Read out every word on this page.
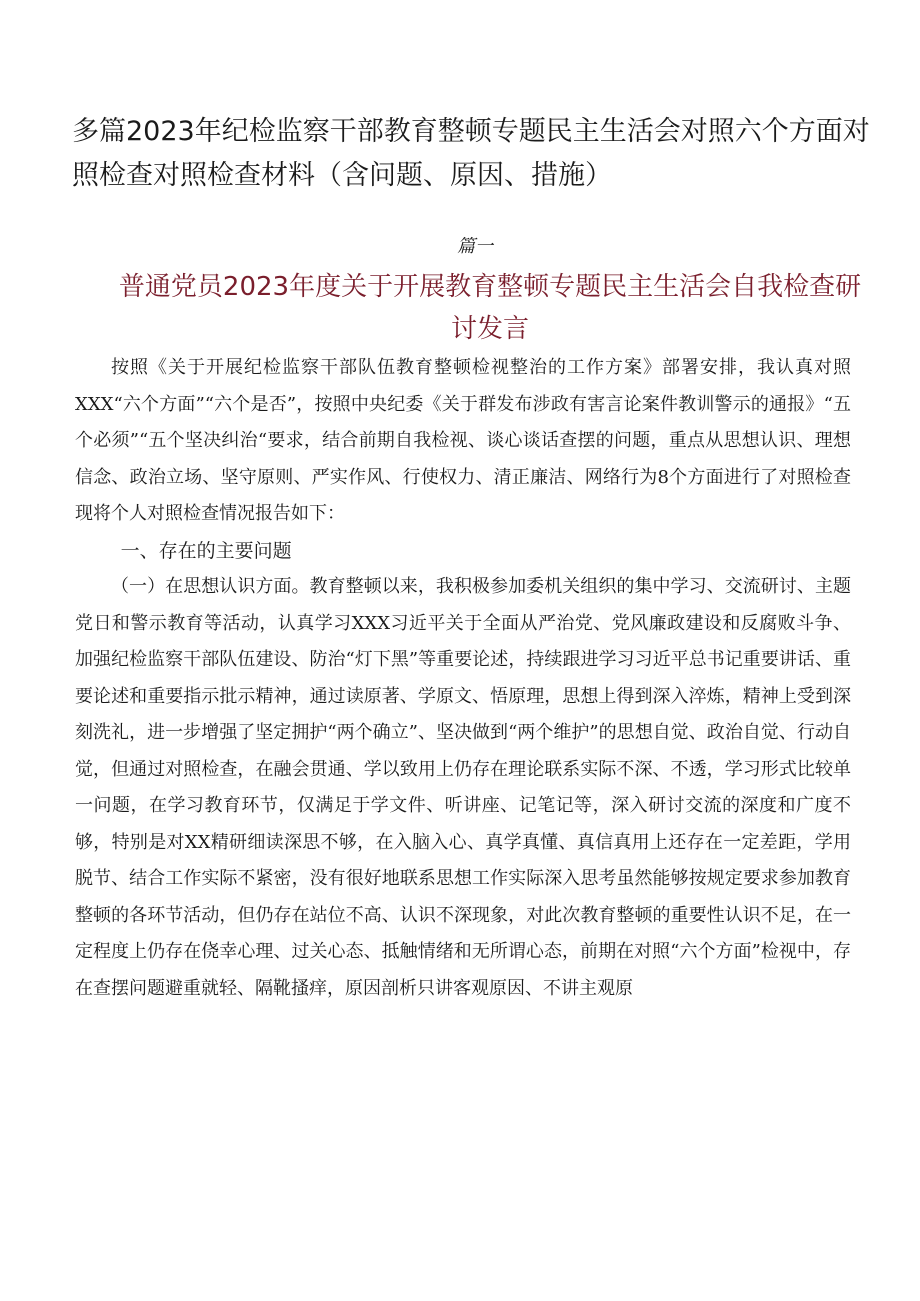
多篇2023年纪检监察干部教育整顿专题民主生活会对照六个方面对照检查对照检查材料（含问题、原因、措施）
篇一
普通党员2023年度关于开展教育整顿专题民主生活会自我检查研讨发言

按照《关于开展纪检监察干部队伍教育整顿检视整治的工作方案》部署安排，我认真对照XXX“六个方面”“六个是否”，按照中央纪委《关于群发布涉政有害言论案件教训警示的通报》“五个必须”“五个坚决纠治“要求，结合前期自我检视、谈心谈话查摆的问题，重点从思想认识、理想信念、政治立场、坚守原则、严实作风、行使权力、清正廉洁、网络行为8个方面进行了对照检查现将个人对照检查情况报告如下：

一、存在的主要问题

（一）在思想认识方面。教育整顿以来，我积极参加委机关组织的集中学习、交流研讨、主题党日和警示教育等活动，认真学习XXX习近平关于全面从严治党、党风廉政建设和反腐败斗争、加强纪检监察干部队伍建设、防治“灯下黑”等重要论述，持续跟进学习习近平总书记重要讲话、重要论述和重要指示批示精神，通过读原著、学原文、悟原理，思想上得到深入淬炼，精神上受到深刻洗礼，进一步增强了坚定拥护“两个确立”、坚决做到“两个维护”的思想自觉、政治自觉、行动自觉，但通过对照检查，在融会贯通、学以致用上仍存在理论联系实际不深、不透，学习形式比较单一问题，在学习教育环节，仅满足于学文件、听讲座、记笔记等，深入研讨交流的深度和广度不够，特别是对XX精研细读深思不够，在入脑入心、真学真懂、真信真用上还存在一定差距，学用脱节、结合工作实际不紧密，没有很好地联系思想工作实际深入思考虽然能够按规定要求参加教育整顿的各环节活动，但仍存在站位不高、认识不深现象，对此次教育整顿的重要性认识不足，在一定程度上仍存在侥幸心理、过关心态、抵触情绪和无所谓心态，前期在对照“六个方面”检视中，存在查摆问题避重就轻、隔靴搔痒，原因剖析只讲客观原因、不讲主观原
